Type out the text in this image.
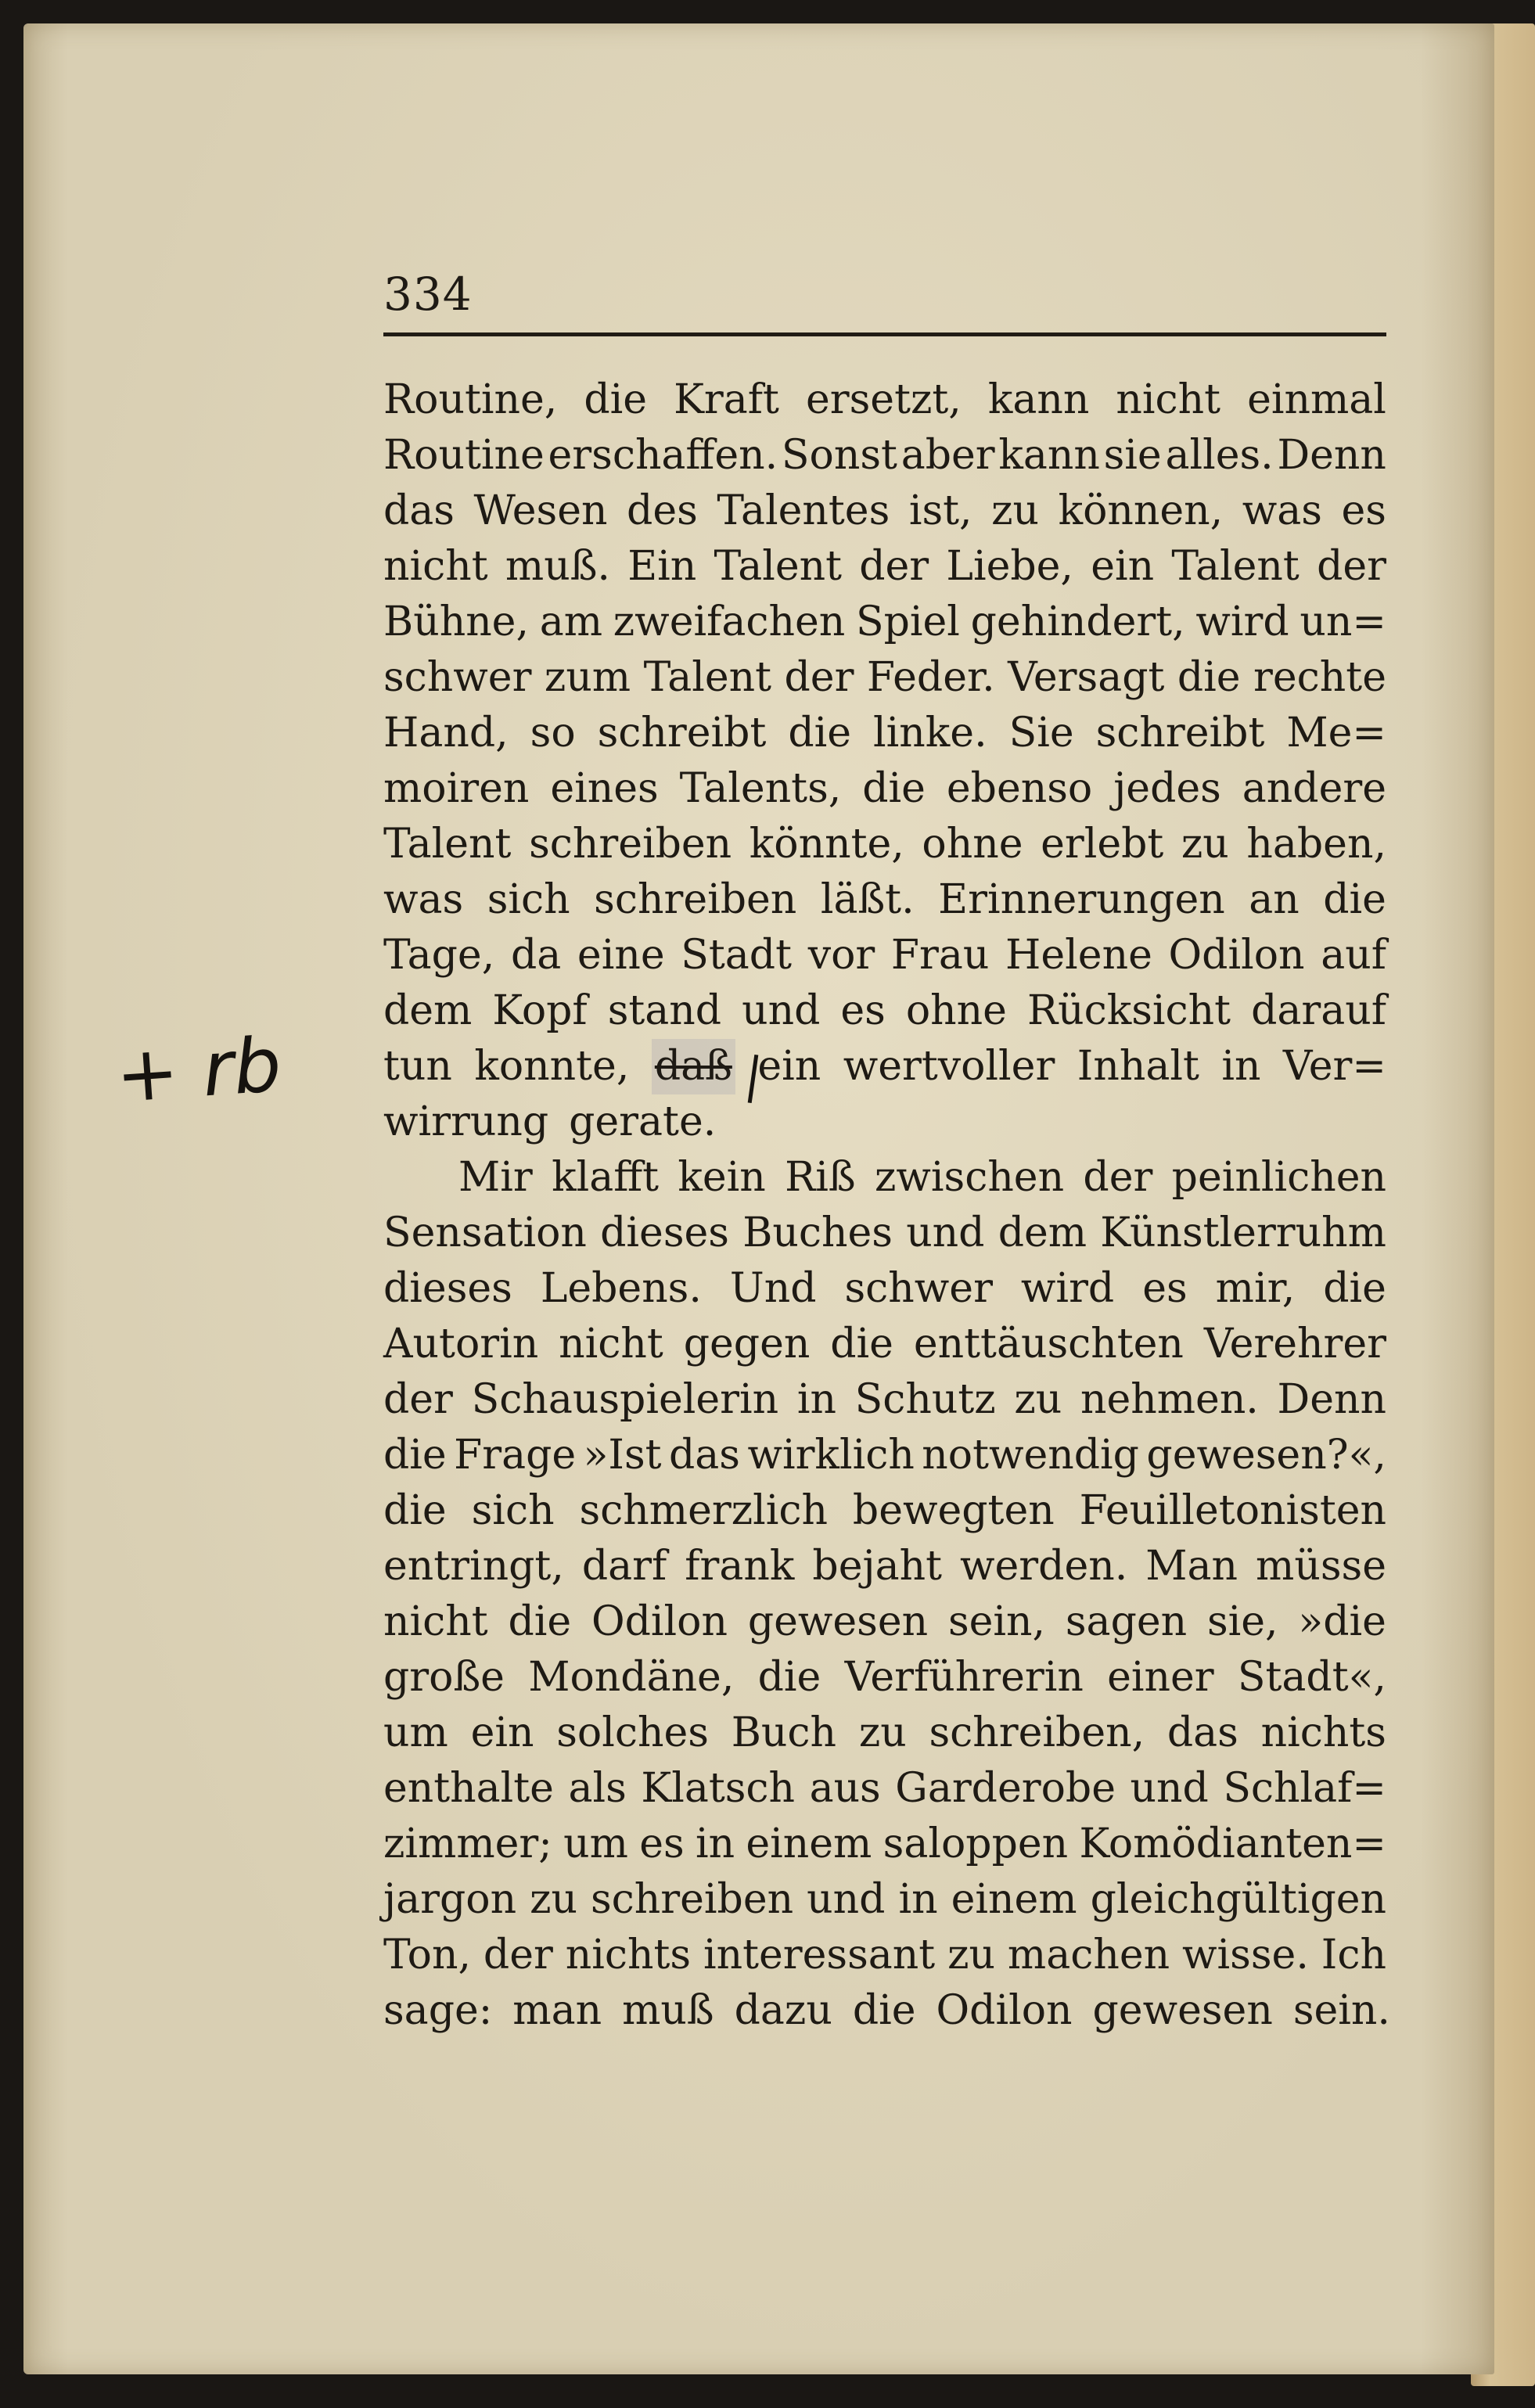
334
+ rb
Routine, die Kraft ersetzt, kann nicht einmal
Routine erschaffen. Sonst aber kann sie alles. Denn
das Wesen des Talentes ist, zu können, was es
nicht muß. Ein Talent der Liebe, ein Talent der
Bühne, am zweifachen Spiel gehindert, wird un=
schwer zum Talent der Feder. Versagt die rechte
Hand, so schreibt die linke. Sie schreibt Me=
moiren eines Talents, die ebenso jedes andere
Talent schreiben könnte, ohne erlebt zu haben,
was sich schreiben läßt. Erinnerungen an die
Tage, da eine Stadt vor Frau Helene Odilon auf
dem Kopf stand und es ohne Rücksicht darauf
tun konnte, daß ein wertvoller Inhalt in Ver=
wirrung gerate.
Mir klafft kein Riß zwischen der peinlichen
Sensation dieses Buches und dem Künstlerruhm
dieses Lebens. Und schwer wird es mir, die
Autorin nicht gegen die enttäuschten Verehrer
der Schauspielerin in Schutz zu nehmen. Denn
die Frage »Ist das wirklich notwendig gewesen?«,
die sich schmerzlich bewegten Feuilletonisten
entringt, darf frank bejaht werden. Man müsse
nicht die Odilon gewesen sein, sagen sie, »die
große Mondäne, die Verführerin einer Stadt«,
um ein solches Buch zu schreiben, das nichts
enthalte als Klatsch aus Garderobe und Schlaf=
zimmer; um es in einem saloppen Komödianten=
jargon zu schreiben und in einem gleichgültigen
Ton, der nichts interessant zu machen wisse. Ich
sage: man muß dazu die Odilon gewesen sein.
